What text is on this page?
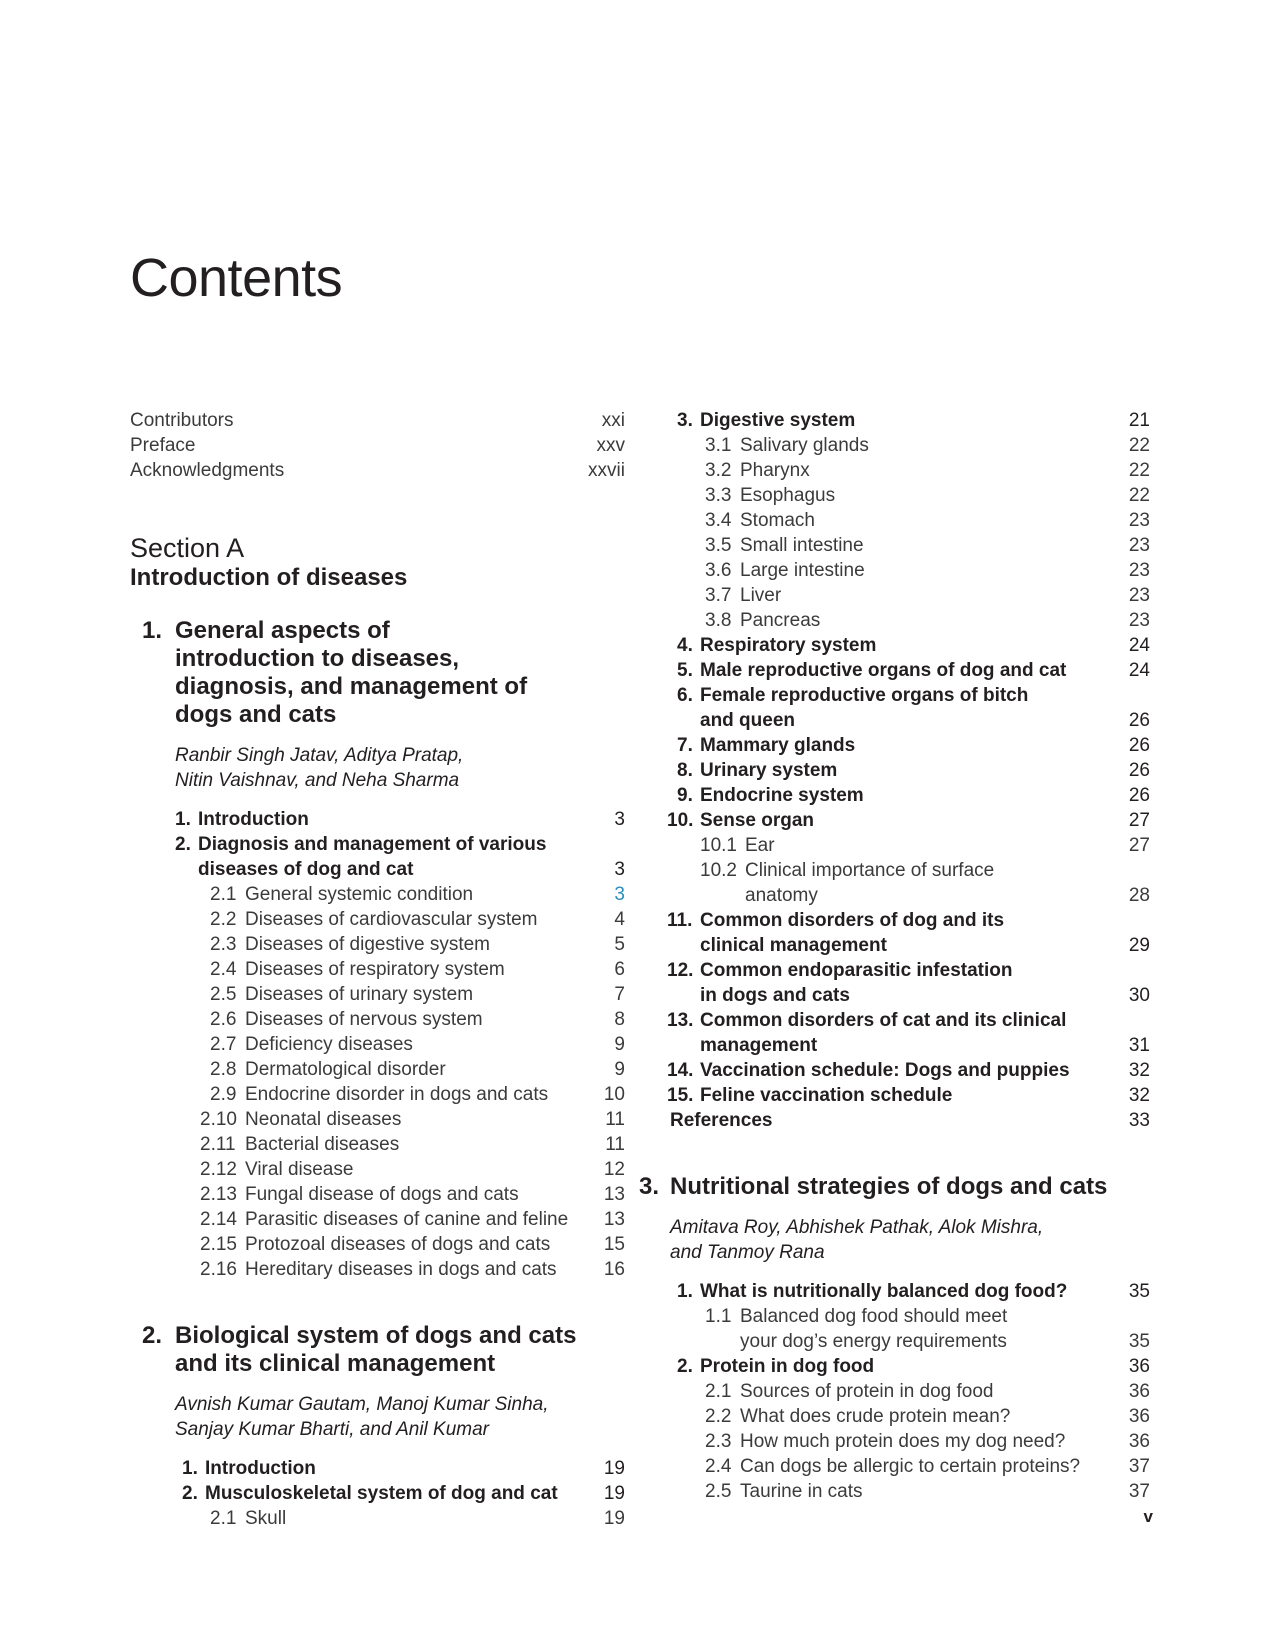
Contents
Contributors	xxi
Preface	xxv
Acknowledgments	xxvii
Section A
Introduction of diseases
1. General aspects of introduction to diseases, diagnosis, and management of dogs and cats
Ranbir Singh Jatav, Aditya Pratap,
Nitin Vaishnav, and Neha Sharma
1. Introduction	3
2. Diagnosis and management of various
diseases of dog and cat	3
2.1 General systemic condition	3
2.2 Diseases of cardiovascular system	4
2.3 Diseases of digestive system	5
2.4 Diseases of respiratory system	6
2.5 Diseases of urinary system	7
2.6 Diseases of nervous system	8
2.7 Deficiency diseases	9
2.8 Dermatological disorder	9
2.9 Endocrine disorder in dogs and cats	10
2.10 Neonatal diseases	11
2.11 Bacterial diseases	11
2.12 Viral disease	12
2.13 Fungal disease of dogs and cats	13
2.14 Parasitic diseases of canine and feline 13
2.15 Protozoal diseases of dogs and cats	15
2.16 Hereditary diseases in dogs and cats 16
2. Biological system of dogs and cats
and its clinical management
Avnish Kumar Gautam, Manoj Kumar Sinha,
Sanjay Kumar Bharti, and Anil Kumar
1. Introduction	19
2. Musculoskeletal system of dog and cat 19
2.1 Skull	19
3. Digestive system	21
3.1 Salivary glands	22
3.2 Pharynx	22
3.3 Esophagus	22
3.4 Stomach	23
3.5 Small intestine	23
3.6 Large intestine	23
3.7 Liver	23
3.8 Pancreas	23
4. Respiratory system	24
5. Male reproductive organs of dog and cat	24
6. Female reproductive organs of bitch
and queen	26
7. Mammary glands	26
8. Urinary system	26
9. Endocrine system	26
10. Sense organ	27
10.1 Ear	27
10.2 Clinical importance of surface
anatomy	28
11. Common disorders of dog and its
clinical management	29
12. Common endoparasitic infestation
in dogs and cats	30
13. Common disorders of cat and its clinical
management	31
14. Vaccination schedule: Dogs and puppies	32
15. Feline vaccination schedule	32
References	33
3. Nutritional strategies of dogs and cats
Amitava Roy, Abhishek Pathak, Alok Mishra,
and Tanmoy Rana
1. What is nutritionally balanced dog food?	35
1.1 Balanced dog food should meet
your dog’s energy requirements	35
2. Protein in dog food	36
2.1 Sources of protein in dog food	36
2.2 What does crude protein mean?	36
2.3 How much protein does my dog need?	36
2.4 Can dogs be allergic to certain proteins?	37
2.5 Taurine in cats	37
v
